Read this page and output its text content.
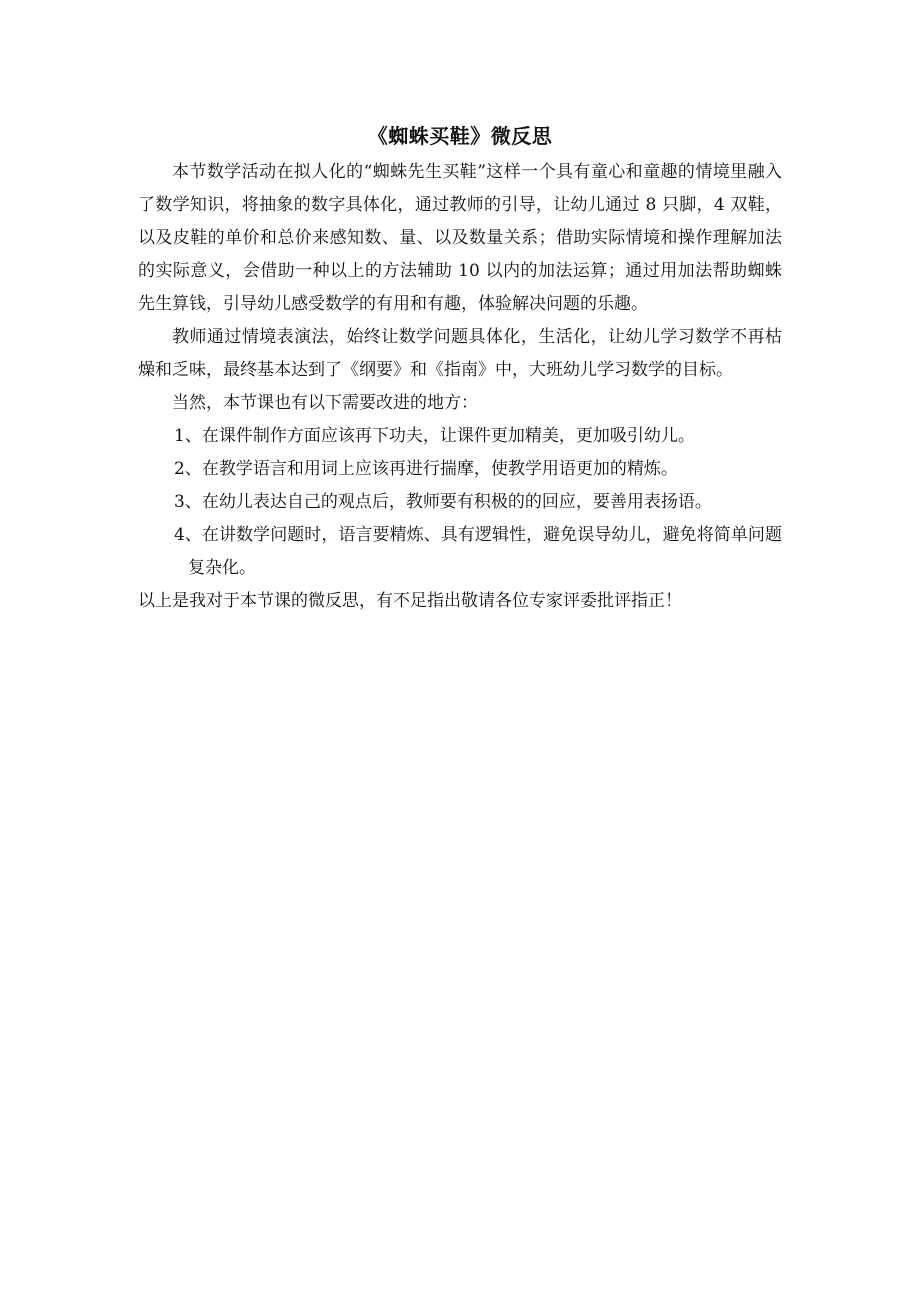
《蜘蛛买鞋》微反思

本节数学活动在拟人化的“蜘蛛先生买鞋”这样一个具有童心和童趣的情境里融入了数学知识，将抽象的数字具体化，通过教师的引导，让幼儿通过 8 只脚，4 双鞋，以及皮鞋的单价和总价来感知数、量、以及数量关系；借助实际情境和操作理解加法的实际意义，会借助一种以上的方法辅助 10 以内的加法运算；通过用加法帮助蜘蛛先生算钱，引导幼儿感受数学的有用和有趣，体验解决问题的乐趣。

教师通过情境表演法，始终让数学问题具体化，生活化，让幼儿学习数学不再枯燥和乏味，最终基本达到了《纲要》和《指南》中，大班幼儿学习数学的目标。

当然，本节课也有以下需要改进的地方：

1、在课件制作方面应该再下功夫，让课件更加精美，更加吸引幼儿。

2、在教学语言和用词上应该再进行揣摩，使教学用语更加的精炼。

3、在幼儿表达自己的观点后，教师要有积极的的回应，要善用表扬语。

4、在讲数学问题时，语言要精炼、具有逻辑性，避免误导幼儿，避免将简单问题复杂化。

以上是我对于本节课的微反思，有不足指出敬请各位专家评委批评指正！
